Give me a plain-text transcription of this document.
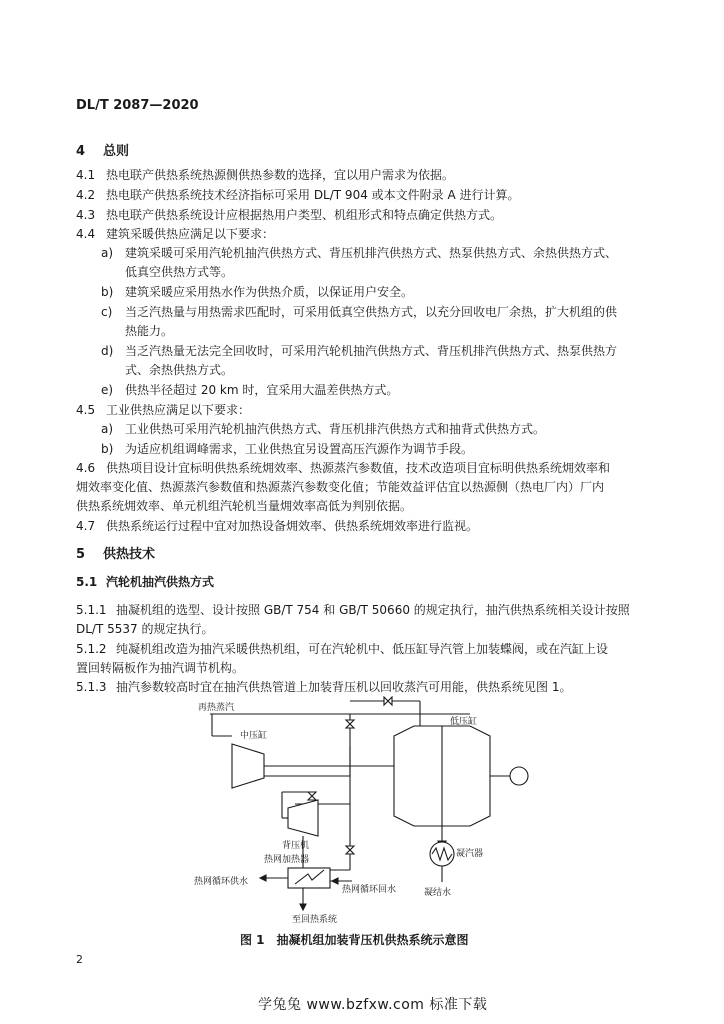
DL/T 2087—2020
4 总则
4.1 热电联产供热系统热源侧供热参数的选择，宜以用户需求为依据。
4.2 热电联产供热系统技术经济指标可采用 DL/T 904 或本文件附录 A 进行计算。
4.3 热电联产供热系统设计应根据热用户类型、机组形式和特点确定供热方式。
4.4 建筑采暖供热应满足以下要求：
a) 建筑采暖可采用汽轮机抽汽供热方式、背压机排汽供热方式、热泵供热方式、余热供热方式、
低真空供热方式等。
b) 建筑采暖应采用热水作为供热介质，以保证用户安全。
c) 当乏汽热量与用热需求匹配时，可采用低真空供热方式，以充分回收电厂余热，扩大机组的供
热能力。
d) 当乏汽热量无法完全回收时，可采用汽轮机抽汽供热方式、背压机排汽供热方式、热泵供热方
式、余热供热方式。
e) 供热半径超过 20 km 时，宜采用大温差供热方式。
4.5 工业供热应满足以下要求：
a) 工业供热可采用汽轮机抽汽供热方式、背压机排汽供热方式和抽背式供热方式。
b) 为适应机组调峰需求，工业供热宜另设置高压汽源作为调节手段。
4.6 供热项目设计宜标明供热系统㶲效率、热源蒸汽参数值，技术改造项目宜标明供热系统㶲效率和
㶲效率变化值、热源蒸汽参数值和热源蒸汽参数变化值；节能效益评估宜以热源侧（热电厂内）厂内
供热系统㶲效率、单元机组汽轮机当量㶲效率高低为判别依据。
4.7 供热系统运行过程中宜对加热设备㶲效率、供热系统㶲效率进行监视。
5 供热技术
5.1 汽轮机抽汽供热方式
5.1.1 抽凝机组的选型、设计按照 GB/T 754 和 GB/T 50660 的规定执行，抽汽供热系统相关设计按照
DL/T 5537 的规定执行。
5.1.2 纯凝机组改造为抽汽采暖供热机组，可在汽轮机中、低压缸导汽管上加装蝶阀，或在汽缸上设
置回转隔板作为抽汽调节机构。
5.1.3 抽汽参数较高时宜在抽汽供热管道上加装背压机以回收蒸汽可用能，供热系统见图 1。
再热蒸汽
中压缸
低压缸
背压机
热网加热器
热网循环供水
热网循环回水
至回热系统
凝汽器
凝结水
图 1　抽凝机组加装背压机供热系统示意图
2
学兔兔 www.bzfxw.com 标准下载
